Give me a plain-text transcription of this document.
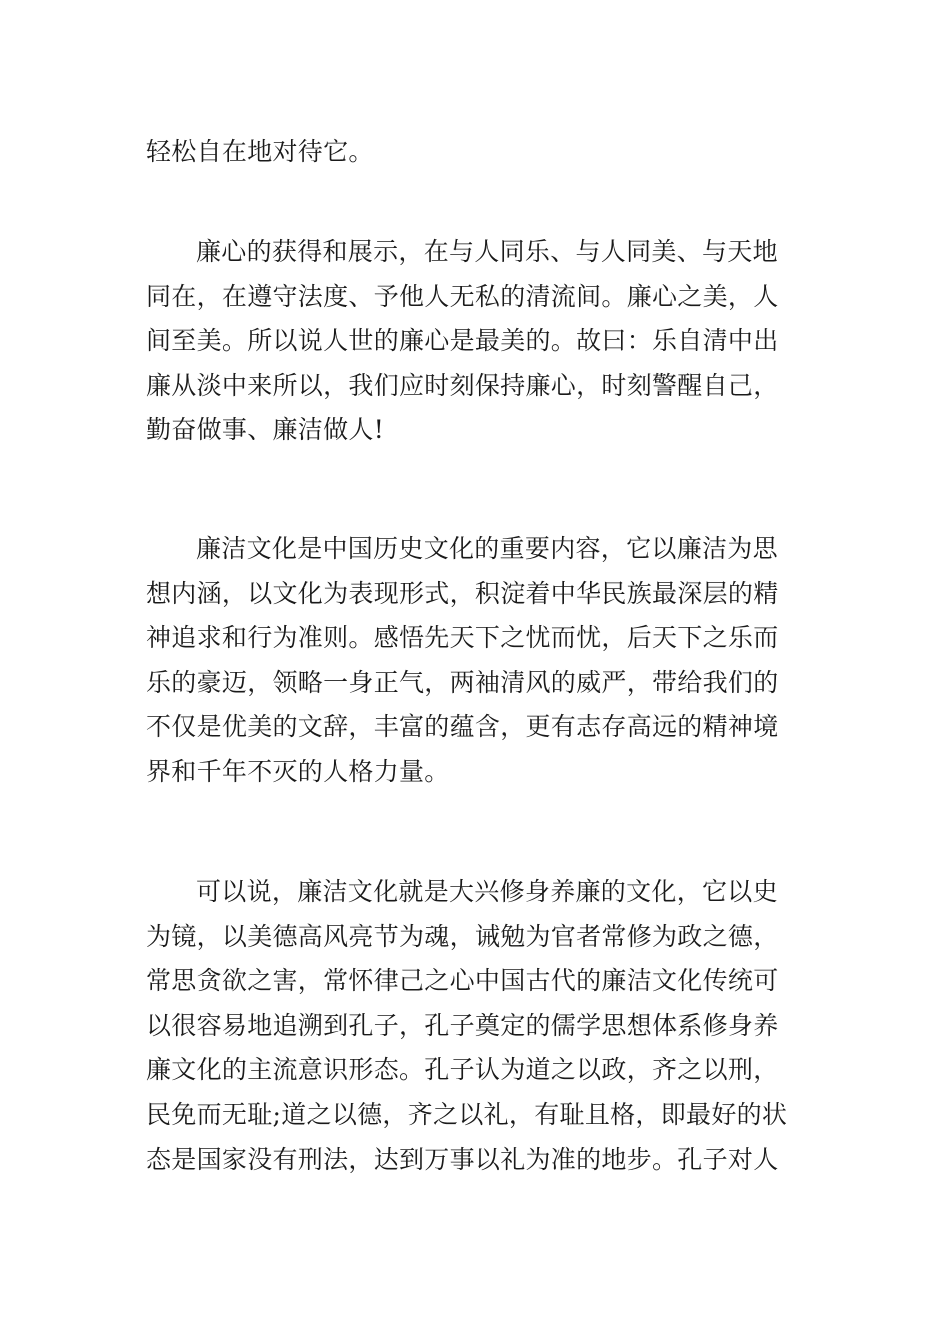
轻松自在地对待它。
廉心的获得和展示，在与人同乐、与人同美、与天地
同在，在遵守法度、予他人无私的清流间。廉心之美，人
间至美。所以说人世的廉心是最美的。故曰：乐自清中出
廉从淡中来所以，我们应时刻保持廉心，时刻警醒自己，
勤奋做事、廉洁做人!
廉洁文化是中国历史文化的重要内容，它以廉洁为思
想内涵，以文化为表现形式，积淀着中华民族最深层的精
神追求和行为准则。感悟先天下之忧而忧，后天下之乐而
乐的豪迈，领略一身正气，两袖清风的威严，带给我们的
不仅是优美的文辞，丰富的蕴含，更有志存高远的精神境
界和千年不灭的人格力量。
可以说，廉洁文化就是大兴修身养廉的文化，它以史
为镜，以美德高风亮节为魂，诫勉为官者常修为政之德，
常思贪欲之害，常怀律己之心中国古代的廉洁文化传统可
以很容易地追溯到孔子，孔子奠定的儒学思想体系修身养
廉文化的主流意识形态。孔子认为道之以政，齐之以刑，
民免而无耻;道之以德，齐之以礼，有耻且格，即最好的状
态是国家没有刑法，达到万事以礼为准的地步。孔子对人
